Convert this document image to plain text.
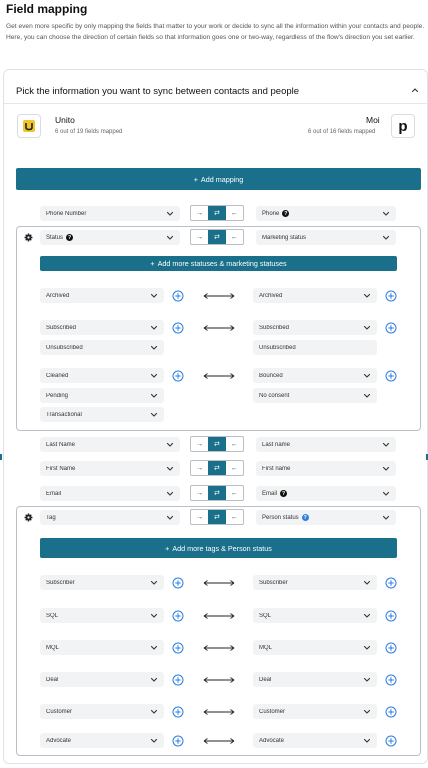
Field mapping
Get even more specific by only mapping the fields that matter to your work or decide to sync all the information within your contacts and people. Here, you can choose the direction of certain fields so that information goes one or two-way, regardless of the flow's direction you set earlier.
Pick the information you want to sync between contacts and people
Unito
6 out of 19 fields mapped
Moi
6 out of 16 fields mapped p
+ Add mapping
Phone Number	→	⇄	←	Phone ?
Status ?	→	⇄	←	Marketing status
+ Add more statuses & marketing statuses
Archived	Archived
Subscribed	Subscribed
Unsubscribed	Unsubscribed
Cleaned	Bounced
Pending	No consent
Transactional
Last Name	→	⇄	←	Last name
First Name	→	⇄	←	First name
Email	→	⇄	←	Email ?
Tag	→	⇄	←	Person status ?
+ Add more tags & Person status
Subscriber	Subscriber
SQL	SQL
MQL	MQL
Deal	Deal
Customer	Customer
Advocate	Advocate
